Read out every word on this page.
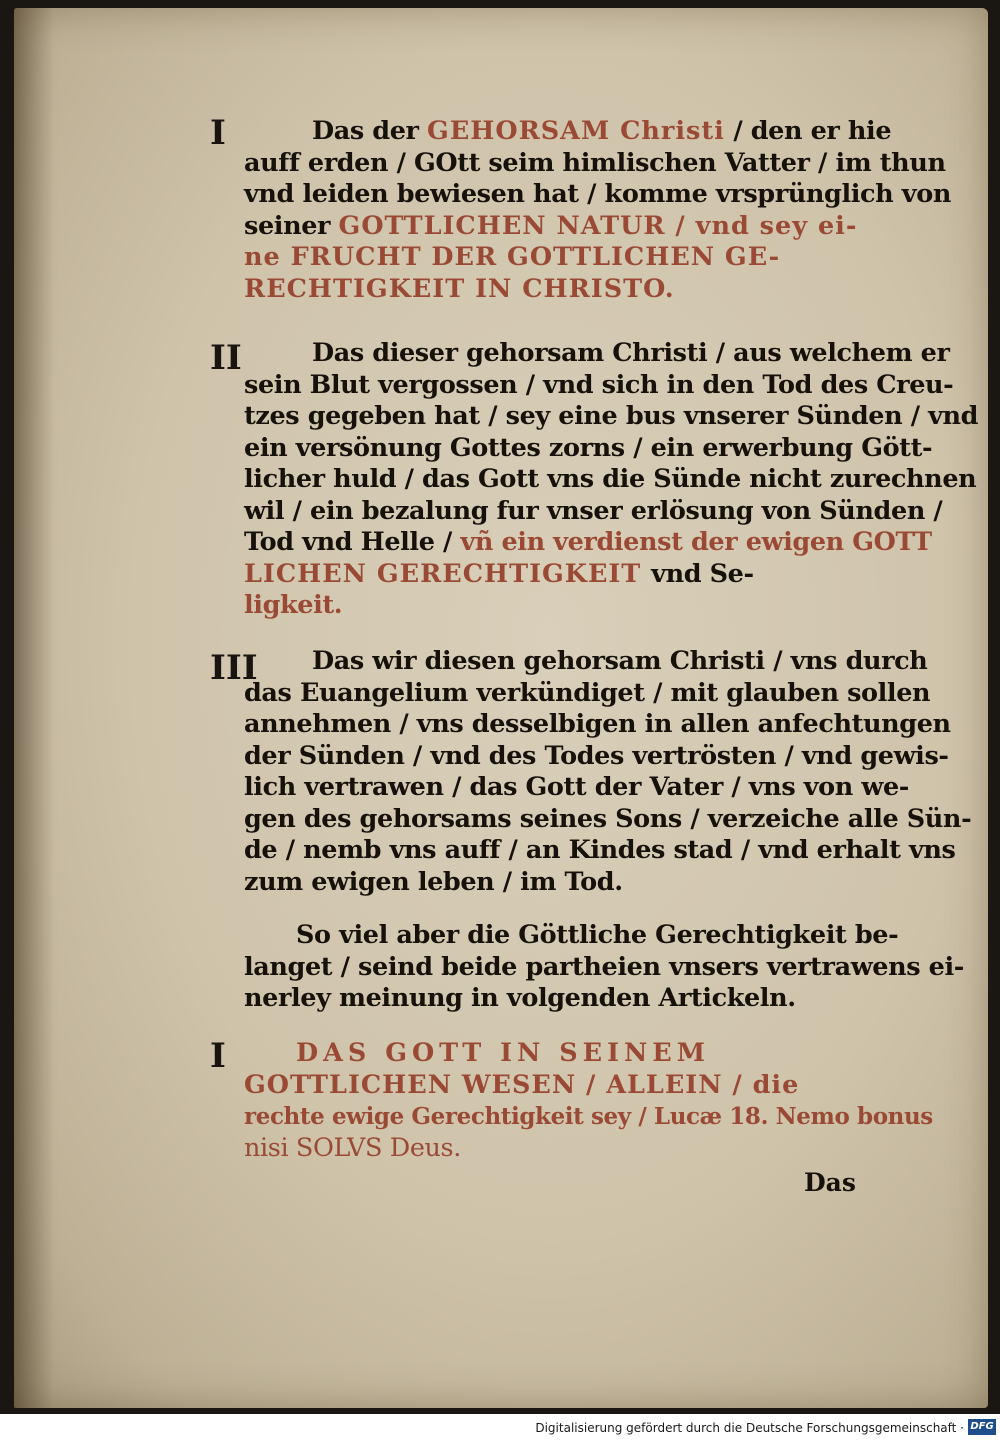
I	Das der GEHORSAM Christi / den er hie
auff erden / GOtt seim himlischen Vatter / im thun
vnd leiden bewiesen hat / komme vrsprünglich von
seiner GOTTLICHEN NATUR / vnd sey ei-
ne FRUCHT DER GOTTLICHEN GE-
RECHTIGKEIT IN CHRISTO.
II	Das dieser gehorsam Christi / aus welchem er
sein Blut vergossen / vnd sich in den Tod des Creu-
tzes gegeben hat / sey eine bus vnserer Sünden / vnd
ein versönung Gottes zorns / ein erwerbung Gött-
licher huld / das Gott vns die Sünde nicht zurechnen
wil / ein bezalung fur vnser erlösung von Sünden /
Tod vnd Helle / vñ ein verdienst der ewigen GOTT
LICHEN GERECHTIGKEIT vnd Se-
ligkeit.
III	Das wir diesen gehorsam Christi / vns durch
das Euangelium verkündiget / mit glauben sollen
annehmen / vns desselbigen in allen anfechtungen
der Sünden / vnd des Todes vertrösten / vnd gewis-
lich vertrawen / das Gott der Vater / vns von we-
gen des gehorsams seines Sons / verzeiche alle Sün-
de / nemb vns auff / an Kindes stad / vnd erhalt vns
zum ewigen leben / im Tod.
So viel aber die Göttliche Gerechtigkeit be-
langet / seind beide partheien vnsers vertrawens ei-
nerley meinung in volgenden Artickeln.
I	DAS GOTT IN SEINEM
GOTTLICHEN WESEN / ALLEIN / die
rechte ewige Gerechtigkeit sey / Lucæ 18. Nemo bonus
nisi SOLVS Deus.
Das
Digitalisierung gefördert durch die Deutsche Forschungsgemeinschaft · DFG
